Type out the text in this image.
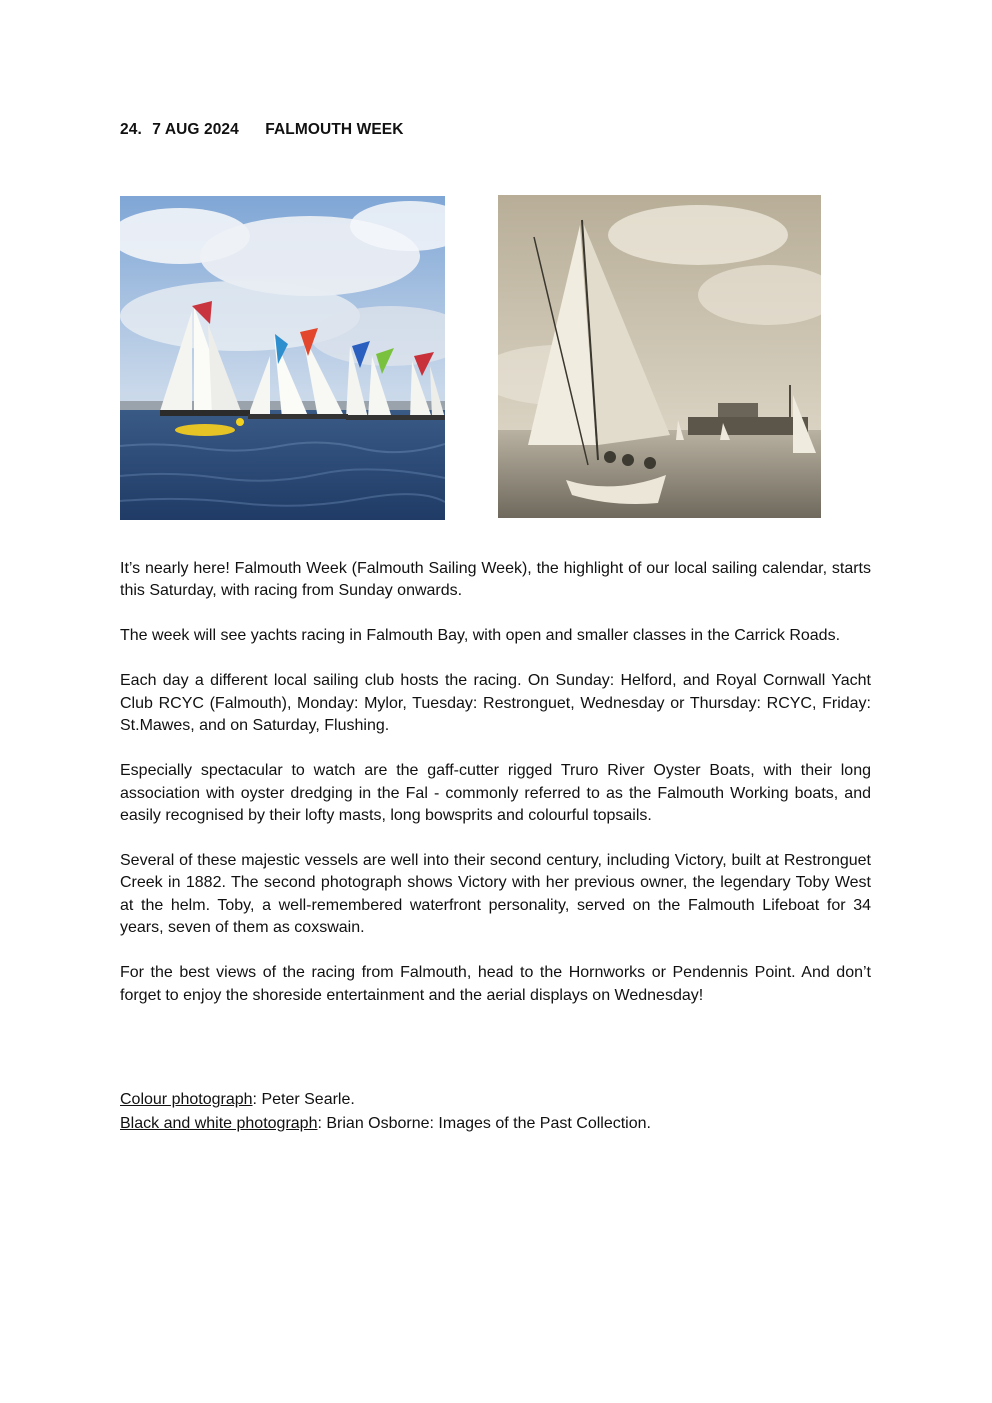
24. 7 AUG 2024 FALMOUTH WEEK

It’s nearly here! Falmouth Week (Falmouth Sailing Week), the highlight of our local sailing calendar, starts this Saturday, with racing from Sunday onwards.

The week will see yachts racing in Falmouth Bay, with open and smaller classes in the Carrick Roads.

Each day a different local sailing club hosts the racing. On Sunday: Helford, and Royal Cornwall Yacht Club RCYC (Falmouth), Monday: Mylor, Tuesday: Restronguet, Wednesday or Thursday: RCYC, Friday: St.Mawes, and on Saturday, Flushing.

Especially spectacular to watch are the gaff-cutter rigged Truro River Oyster Boats, with their long association with oyster dredging in the Fal - commonly referred to as the Falmouth Working boats, and easily recognised by their lofty masts, long bowsprits and colourful topsails.

Several of these majestic vessels are well into their second century, including Victory, built at Restronguet Creek in 1882. The second photograph shows Victory with her previous owner, the legendary Toby West at the helm. Toby, a well-remembered waterfront personality, served on the Falmouth Lifeboat for 34 years, seven of them as coxswain.

For the best views of the racing from Falmouth, head to the Hornworks or Pendennis Point. And don’t forget to enjoy the shoreside entertainment and the aerial displays on Wednesday!

Colour photograph: Peter Searle.
Black and white photograph: Brian Osborne: Images of the Past Collection.
